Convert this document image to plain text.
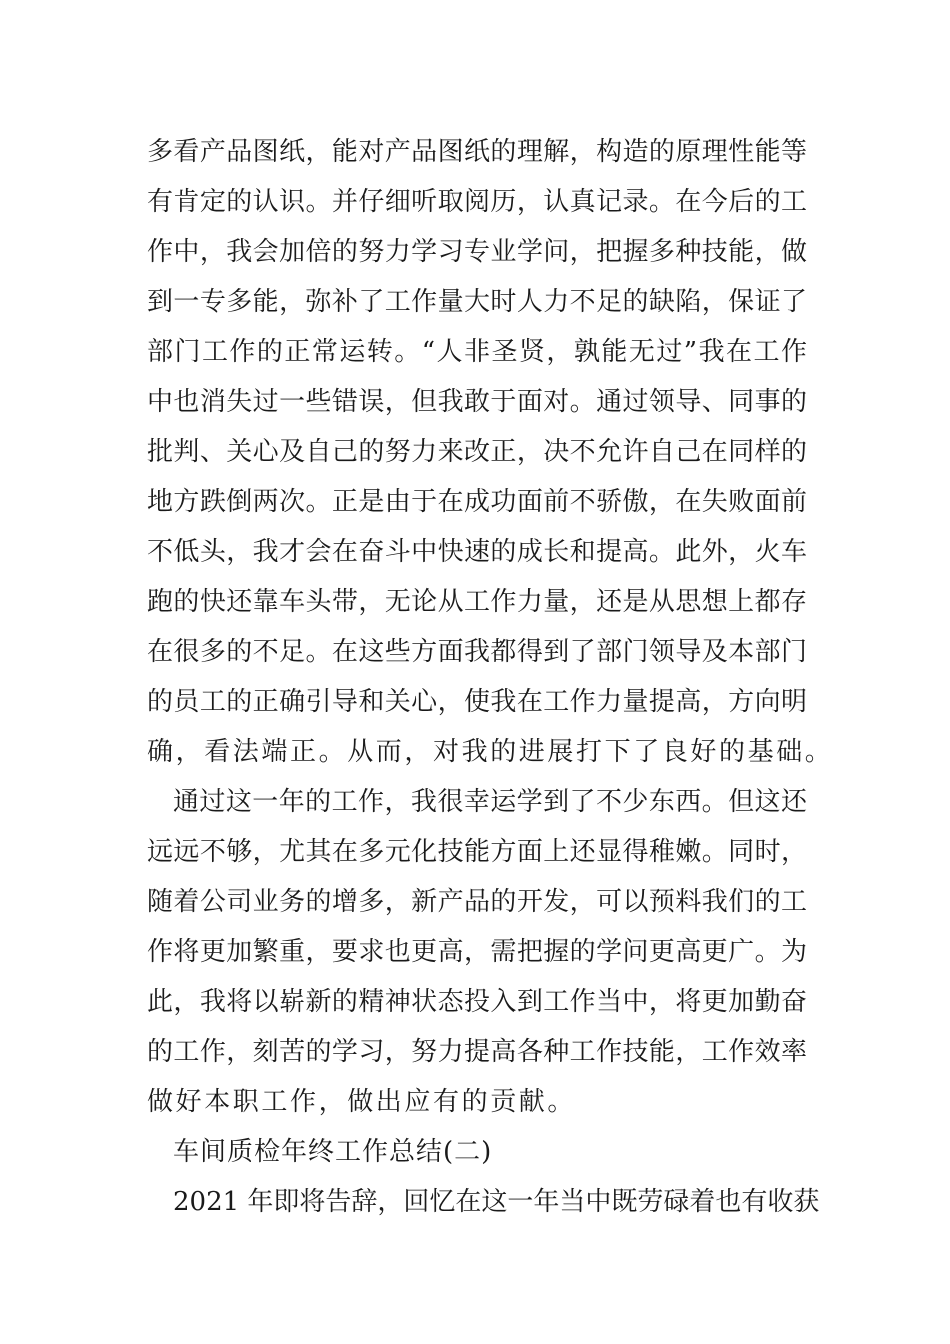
多看产品图纸，能对产品图纸的理解，构造的原理性能等
有肯定的认识。并仔细听取阅历，认真记录。在今后的工
作中，我会加倍的努力学习专业学问，把握多种技能，做
到一专多能，弥补了工作量大时人力不足的缺陷，保证了
部门工作的正常运转。“人非圣贤，孰能无过”我在工作
中也消失过一些错误，但我敢于面对。通过领导、同事的
批判、关心及自己的努力来改正，决不允许自己在同样的
地方跌倒两次。正是由于在成功面前不骄傲，在失败面前
不低头，我才会在奋斗中快速的成长和提高。此外，火车
跑的快还靠车头带，无论从工作力量，还是从思想上都存
在很多的不足。在这些方面我都得到了部门领导及本部门
的员工的正确引导和关心，使我在工作力量提高，方向明
确，看法端正。从而，对我的进展打下了良好的基础。
通过这一年的工作，我很幸运学到了不少东西。但这还
远远不够，尤其在多元化技能方面上还显得稚嫩。同时，
随着公司业务的增多，新产品的开发，可以预料我们的工
作将更加繁重，要求也更高，需把握的学问更高更广。为
此，我将以崭新的精神状态投入到工作当中，将更加勤奋
的工作，刻苦的学习，努力提高各种工作技能，工作效率
做好本职工作，做出应有的贡献。
车间质检年终工作总结(二)
2021 年即将告辞，回忆在这一年当中既劳碌着也有收获
